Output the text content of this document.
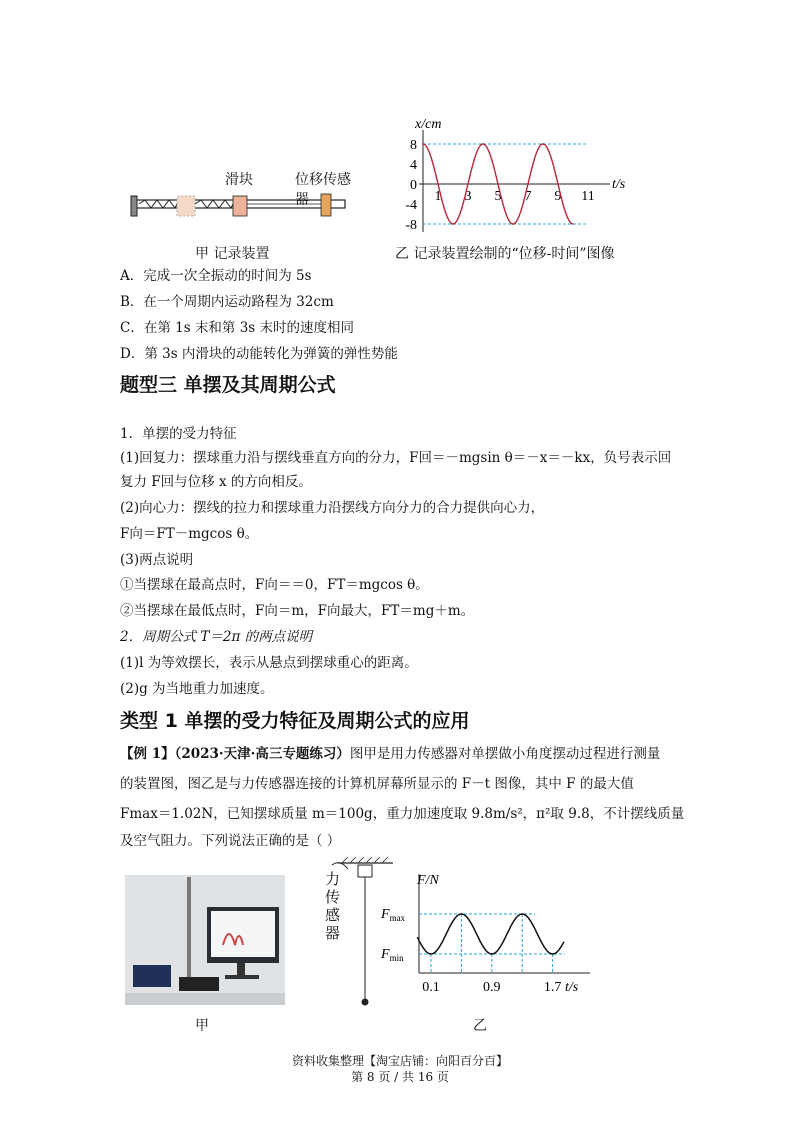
滑块	位移传感器
甲 记录装置
x/cm
t/s
8
4
0
-4
-8
1 3 5 7 9 11
乙 记录装置绘制的“位移-时间”图像
A．完成一次全振动的时间为 5s
B．在一个周期内运动路程为 32cm
C．在第 1s 末和第 3s 末时的速度相同
D．第 3s 内滑块的动能转化为弹簧的弹性势能
题型三 单摆及其周期公式
1．单摆的受力特征
(1)回复力：摆球重力沿与摆线垂直方向的分力，F回＝－mgsin θ＝－x＝－kx，负号表示回
复力 F回与位移 x 的方向相反。
(2)向心力：摆线的拉力和摆球重力沿摆线方向分力的合力提供向心力，
F向＝FT－mgcos θ。
(3)两点说明
①当摆球在最高点时，F向＝＝0，FT＝mgcos θ。
②当摆球在最低点时，F向＝m，F向最大，FT＝mg＋m。
2．周期公式 T＝2π 的两点说明
(1)l 为等效摆长，表示从悬点到摆球重心的距离。
(2)g 为当地重力加速度。
类型 1 单摆的受力特征及周期公式的应用
【例 1】（2023·天津·高三专题练习）图甲是用力传感器对单摆做小角度摆动过程进行测量
的装置图，图乙是与力传感器连接的计算机屏幕所显示的 F－t 图像，其中 F 的最大值
Fmax＝1.02N，已知摆球质量 m＝100g，重力加速度取 9.8m/s²，π²取 9.8，不计摆线质量
及空气阻力。下列说法正确的是（ ）
甲
力
传
感
器
F/N
t/s
$F_{max}$
$F_{min}$
0.1	0.9	1.7
乙
资料收集整理【淘宝店铺：向阳百分百】
第 8 页 / 共 16 页
